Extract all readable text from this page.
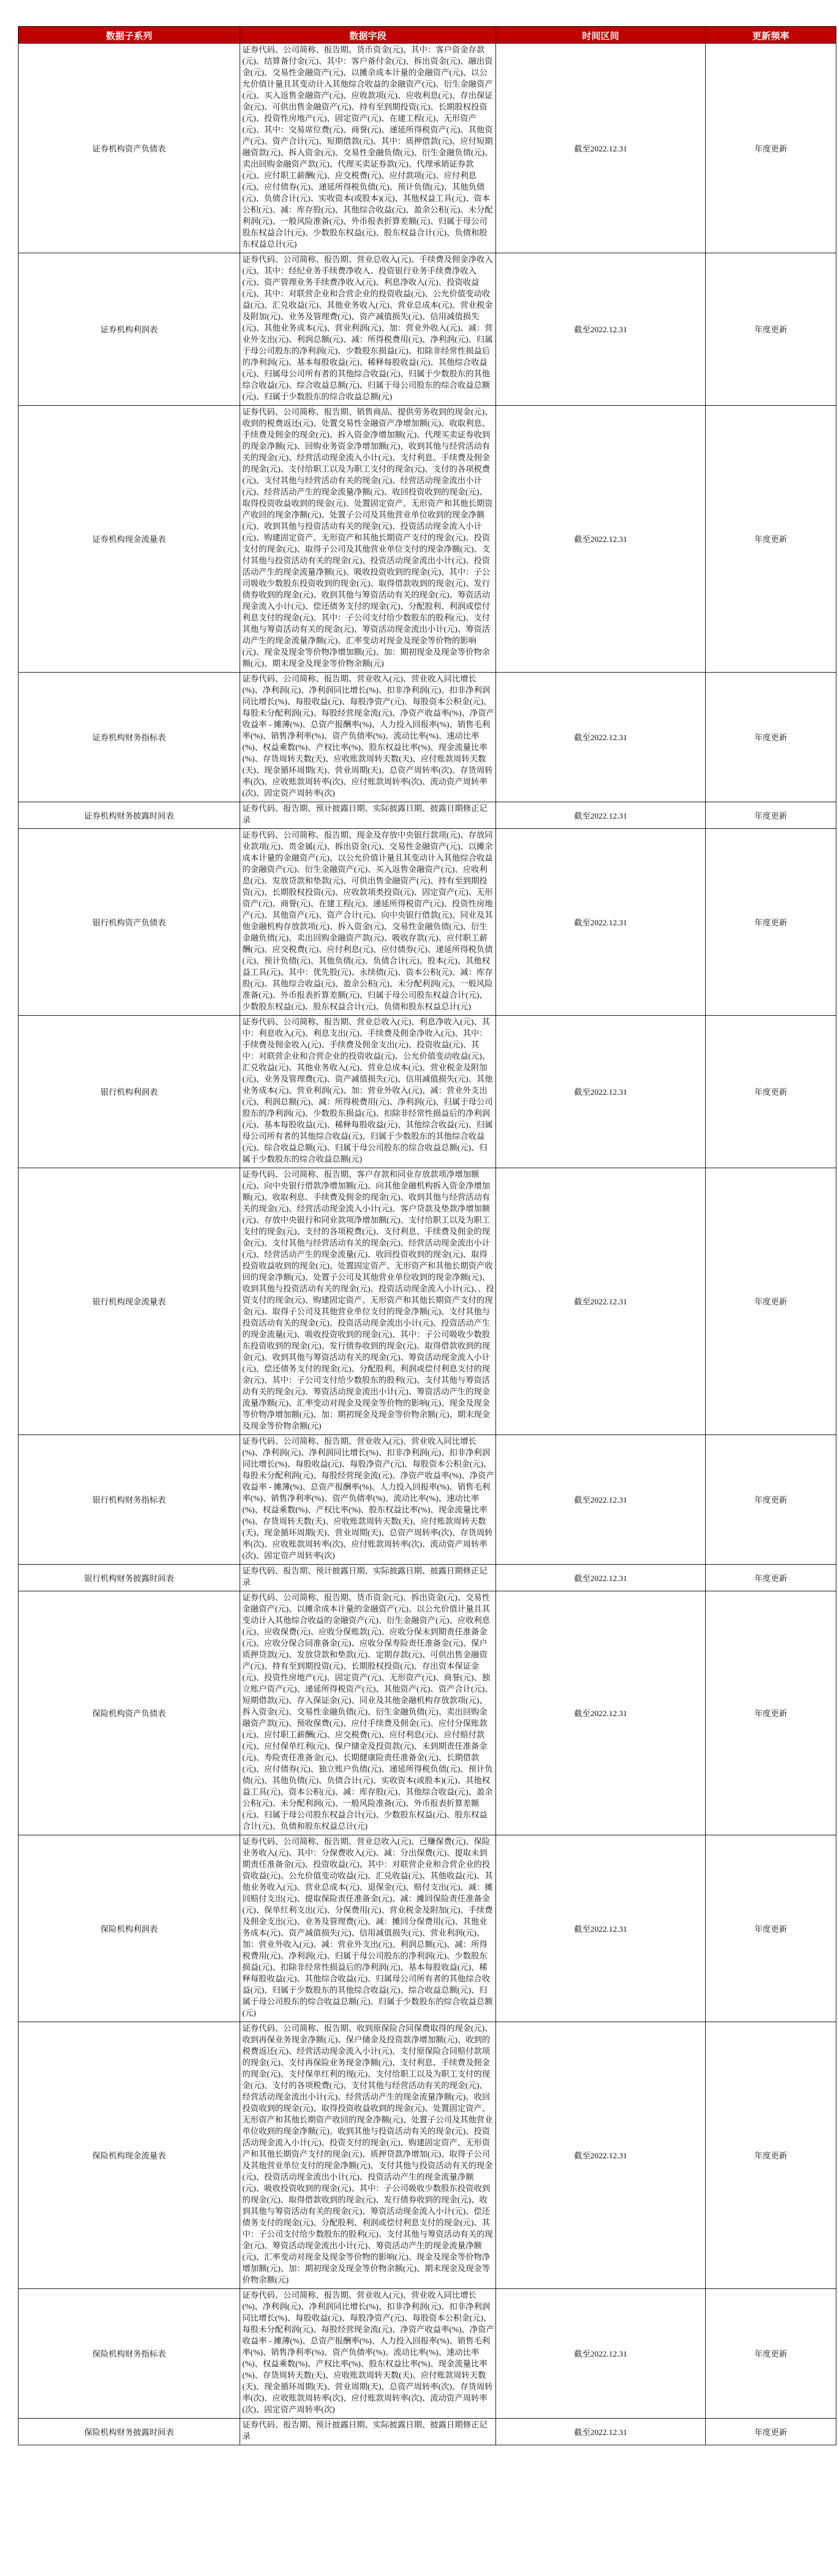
数据子系列	数据字段	时间区间	更新频率
证券机构资产负债表	证券代码、公司简称、报告期、货币资金(元)、其中：客户资金存款(元)、结算备付金(元)、其中：客户备付金(元)、拆出资金(元)、融出资金(元)、交易性金融资产(元)、以摊余成本计量的金融资产(元)、以公允价值计量且其变动计入其他综合收益的金融资产(元)、衍生金融资产(元)、买入返售金融资产(元)、应收款项(元)、应收利息(元)、存出保证金(元)、可供出售金融资产(元)、持有至到期投资(元)、长期股权投资(元)、投资性房地产(元)、固定资产(元)、在建工程(元)、无形资产(元)、其中：交易席位费(元)、商誉(元)、递延所得税资产(元)、其他资产(元)、资产合计(元)、短期借款(元)、其中：质押借款(元)、应付短期融资款(元)、拆入资金(元)、交易性金融负债(元)、衍生金融负债(元)、卖出回购金融资产款(元)、代理买卖证券款(元)、代理承销证券款(元)、应付职工薪酬(元)、应交税费(元)、应付款项(元)、应付利息(元)、应付债券(元)、递延所得税负债(元)、预计负债(元)、其他负债(元)、负债合计(元)、实收资本(或股本)(元)、其他权益工具(元)、资本公积(元)、减：库存股(元)、其他综合收益(元)、盈余公积(元)、未分配利润(元)、一般风险准备(元)、外币报表折算差额(元)、归属于母公司股东权益合计(元)、少数股东权益(元)、股东权益合计(元)、负债和股东权益总计(元)	截至2022.12.31	年度更新
证券机构利润表	证券代码、公司简称、报告期、营业总收入(元)、手续费及佣金净收入(元)、其中：经纪业务手续费净收入、投资银行业务手续费净收入(元)、资产管理业务手续费净收入(元)、利息净收入(元)、投资收益(元)、其中：对联营企业和合营企业的投资收益(元)、公允价值变动收益(元)、汇兑收益(元)、其他业务收入(元)、营业总成本(元)、营业税金及附加(元)、业务及管理费(元)、资产减值损失(元)、信用减值损失(元)、其他业务成本(元)、营业利润(元)、加：营业外收入(元)、减：营业外支出(元)、利润总额(元)、减：所得税费用(元)、净利润(元)、归属于母公司股东的净利润(元)、少数股东损益(元)、扣除非经常性损益后的净利润(元)、基本每股收益(元)、稀释每股收益(元)、其他综合收益(元)、归属母公司所有者的其他综合收益(元)、归属于少数股东的其他综合收益(元)、综合收益总额(元)、归属于母公司股东的综合收益总额(元)、归属于少数股东的综合收益总额(元)	截至2022.12.31	年度更新
证券机构现金流量表	证券代码、公司简称、报告期、销售商品、提供劳务收到的现金(元)、收到的税费返还(元)、处置交易性金融资产净增加额(元)、收取利息、手续费及佣金的现金(元)、拆入资金净增加额(元)、代理买卖证券收到的现金净额(元)、回购业务资金净增加额(元)、收到其他与经营活动有关的现金(元)、经营活动现金流入小计(元)、支付利息、手续费及佣金的现金(元)、支付给职工以及为职工支付的现金(元)、支付的各项税费(元)、支付其他与经营活动有关的现金(元)、经营活动现金流出小计(元)、经营活动产生的现金流量净额(元)、收回投资收到的现金(元)、取得投资收益收到的现金(元)、处置固定资产、无形资产和其他长期资产收回的现金净额(元)、处置子公司及其他营业单位收到的现金净额(元)、收到其他与投资活动有关的现金(元)、投资活动现金流入小计(元)、购建固定资产、无形资产和其他长期资产支付的现金(元)、投资支付的现金(元)、取得子公司及其他营业单位支付的现金净额(元)、支付其他与投资活动有关的现金(元)、投资活动现金流出小计(元)、投资活动产生的现金流量净额(元)、吸收投资收到的现金(元)、其中：子公司吸收少数股东投资收到的现金(元)、取得借款收到的现金(元)、发行债券收到的现金(元)、收到其他与筹资活动有关的现金(元)、筹资活动现金流入小计(元)、偿还债务支付的现金(元)、分配股利、利润或偿付利息支付的现金(元)、其中：子公司支付给少数股东的股利(元)、支付其他与筹资活动有关的现金(元)、筹资活动现金流出小计(元)、筹资活动产生的现金流量净额(元)、汇率变动对现金及现金等价物的影响(元)、现金及现金等价物净增加额(元)、加：期初现金及现金等价物余额(元)、期末现金及现金等价物余额(元)	截至2022.12.31	年度更新
证券机构财务指标表	证券代码、公司简称、报告期、营业收入(元)、营业收入同比增长(%)、净利润(元)、净利润同比增长(%)、扣非净利润(元)、扣非净利润同比增长(%)、每股收益(元)、每股净资产(元)、每股资本公积金(元)、每股未分配利润(元)、每股经营现金流(元)、净资产收益率(%)、净资产收益率 - 摊薄(%)、总资产报酬率(%)、人力投入回报率(%)、销售毛利率(%)、销售净利率(%)、资产负债率(%)、流动比率(%)、速动比率(%)、权益乘数(%)、产权比率(%)、股东权益比率(%)、现金流量比率(%)、存货周转天数(天)、应收账款周转天数(天)、应付账款周转天数(天)、现金循环周期(天)、营业周期(天)、总资产周转率(次)、存货周转率(次)、应收账款周转率(次)、应付账款周转率(次)、流动资产周转率(次)、固定资产周转率(次)	截至2022.12.31	年度更新
证券机构财务披露时间表	证券代码、报告期、预计披露日期、实际披露日期、披露日期修正记录	截至2022.12.31	年度更新
银行机构资产负债表	证券代码、公司简称、报告期、现金及存放中央银行款项(元)、存放同业款项(元)、贵金属(元)、拆出资金(元)、交易性金融资产(元)、以摊余成本计量的金融资产(元)、以公允价值计量且其变动计入其他综合收益的金融资产(元)、衍生金融资产(元)、买入返售金融资产(元)、应收利息(元)、发放贷款和垫款(元)、可供出售金融资产(元)、持有至到期投资(元)、长期股权投资(元)、应收款项类投资(元)、固定资产(元)、无形资产(元)、商誉(元)、在建工程(元)、递延所得税资产(元)、投资性房地产(元)、其他资产(元)、资产合计(元)、向中央银行借款(元)、同业及其他金融机构存放款项(元)、拆入资金(元)、交易性金融负债(元)、衍生金融负债(元)、卖出回购金融资产款(元)、吸收存款(元)、应付职工薪酬(元)、应交税费(元)、应付利息(元)、应付债券(元)、递延所得税负债(元)、预计负债(元)、其他负债(元)、负债合计(元)、股本(元)、其他权益工具(元)、其中：优先股(元)、永续债(元)、资本公积(元)、减：库存股(元)、其他综合收益(元)、盈余公积(元)、未分配利润(元)、一般风险准备(元)、外币报表折算差额(元)、归属于母公司股东权益合计(元)、少数股东权益(元)、股东权益合计(元)、负债和股东权益总计(元)	截至2022.12.31	年度更新
银行机构利润表	证券代码、公司简称、报告期、营业总收入(元)、利息净收入(元)、其中：利息收入(元)、利息支出(元)、手续费及佣金净收入(元)、其中：手续费及佣金收入(元)、手续费及佣金支出(元)、投资收益(元)、其中：对联营企业和合营企业的投资收益(元)、公允价值变动收益(元)、汇兑收益(元)、其他业务收入(元)、营业总成本(元)、营业税金及附加(元)、业务及管理费(元)、资产减值损失(元)、信用减值损失(元)、其他业务成本(元)、营业利润(元)、加：营业外收入(元)、减：营业外支出(元)、利润总额(元)、减：所得税费用(元)、净利润(元)、归属于母公司股东的净利润(元)、少数股东损益(元)、扣除非经常性损益后的净利润(元)、基本每股收益(元)、稀释每股收益(元)、其他综合收益(元)、归属母公司所有者的其他综合收益(元)、归属于少数股东的其他综合收益(元)、综合收益总额(元)、归属于母公司股东的综合收益总额(元)、归属于少数股东的综合收益总额(元)	截至2022.12.31	年度更新
银行机构现金流量表	证券代码、公司简称、报告期、客户存款和同业存放款项净增加额(元)、向中央银行借款净增加额(元)、向其他金融机构拆入资金净增加额(元)、收取利息、手续费及佣金的现金(元)、收到其他与经营活动有关的现金(元)、经营活动现金流入小计(元)、客户贷款及垫款净增加额(元)、存放中央银行和同业款项净增加额(元)、支付给职工以及为职工支付的现金(元)、支付的各项税费(元)、支付利息、手续费及佣金的现金(元)、支付其他与经营活动有关的现金(元)、经营活动现金流出小计(元)、经营活动产生的现金流量(元)、收回投资收到的现金(元)、取得投资收益收到的现金(元)、处置固定资产、无形资产和其他长期资产收回的现金净额(元)、处置子公司及其他营业单位收到的现金净额(元)、收到其他与投资活动有关的现金(元)、投资活动现金流入小计(元)、、投资支付的现金(元)、购建固定资产、无形资产和其他长期资产支付的现金(元)、取得子公司及其他营业单位支付的现金净额(元)、支付其他与投资活动有关的现金(元)、投资活动现金流出小计(元)、投资活动产生的现金流量(元)、吸收投资收到的现金(元)、其中：子公司吸收少数股东投资收到的现金(元)、发行债券收到的现金(元)、取得借款收到的现金(元)、收到其他与筹资活动有关的现金(元)、筹资活动现金流入小计(元)、偿还债务支付的现金(元)、分配股利、利润或偿付利息支付的现金(元)、其中：子公司支付给少数股东的股利(元)、支付其他与筹资活动有关的现金(元)、筹资活动现金流出小计(元)、筹资活动产生的现金流量净额(元)、汇率变动对现金及现金等价物的影响(元)、现金及现金等价物净增加额(元)、加：期初现金及现金等价物余额(元)、期末现金及现金等价物余额(元)	截至2022.12.31	年度更新
银行机构财务指标表	证券代码、公司简称、报告期、营业收入(元)、营业收入同比增长(%)、净利润(元)、净利润同比增长(%)、扣非净利润(元)、扣非净利润同比增长(%)、每股收益(元)、每股净资产(元)、每股资本公积金(元)、每股未分配利润(元)、每股经营现金流(元)、净资产收益率(%)、净资产收益率 - 摊薄(%)、总资产报酬率(%)、人力投入回报率(%)、销售毛利率(%)、销售净利率(%)、资产负债率(%)、流动比率(%)、速动比率(%)、权益乘数(%)、产权比率(%)、股东权益比率(%)、现金流量比率(%)、存货周转天数(天)、应收账款周转天数(天)、应付账款周转天数(天)、现金循环周期(天)、营业周期(天)、总资产周转率(次)、存货周转率(次)、应收账款周转率(次)、应付账款周转率(次)、流动资产周转率(次)、固定资产周转率(次)	截至2022.12.31	年度更新
银行机构财务披露时间表	证券代码、报告期、预计披露日期、实际披露日期、披露日期修正记录	截至2022.12.31	年度更新
保险机构资产负债表	证券代码、公司简称、报告期、货币资金(元)、拆出资金(元)、交易性金融资产(元)、以摊余成本计量的金融资产(元)、以公允价值计量且其变动计入其他综合收益的金融资产(元)、衍生金融资产(元)、应收利息(元)、应收保费(元)、应收分保账款(元)、应收分保未到期责任准备金(元)、应收分保合同准备金(元)、应收分保寿险责任准备金(元)、保户质押贷款(元)、发放贷款和垫款(元)、定期存款(元)、可供出售金融资产(元)、持有至到期投资(元)、长期股权投资(元)、存出资本保证金(元)、投资性房地产(元)、固定资产(元)、无形资产(元)、商誉(元)、独立账户资产(元)、递延所得税资产(元)、其他资产(元)、资产合计(元)、短期借款(元)、存入保证金(元)、同业及其他金融机构存放款项(元)、拆入资金(元)、交易性金融负债(元)、衍生金融负债(元)、卖出回购金融资产款(元)、预收保费(元)、应付手续费及佣金(元)、应付分保账款(元)、应付职工薪酬(元)、应交税费(元)、应付利息(元)、应付赔付款(元)、应付保单红利(元)、保户储金及投资款(元)、未到期责任准备金(元)、寿险责任准备金(元)、长期健康险责任准备金(元)、长期借款(元)、应付债券(元)、独立账户负债(元)、递延所得税负债(元)、预计负债(元)、其他负债(元)、负债合计(元)、实收资本(或股本)(元)、其他权益工具(元)、资本公积(元)、减：库存股(元)、其他综合收益(元)、盈余公积(元)、未分配利润(元)、一般风险准备(元)、外币报表折算差额(元)、归属于母公司股东权益合计(元)、少数股东权益(元)、股东权益合计(元)、负债和股东权益总计(元)	截至2022.12.31	年度更新
保险机构利润表	证券代码、公司简称、报告期、营业总收入(元)、已赚保费(元)、保险业务收入(元)、其中：分保费收入(元)、减：分出保费(元)、提取未到期责任准备金(元)、投资收益(元)、其中：对联营企业和合营企业的投资收益(元)、公允价值变动收益(元)、汇兑收益(元)、其他收益(元)、其他业务收入(元)、营业总成本(元)、退保金(元)、赔付支出(元)、减：摊回赔付支出(元)、提取保险责任准备金(元)、减：摊回保险责任准备金(元)、保单红利支出(元)、分保费用(元)、营业税金及附加(元)、手续费及佣金支出(元)、业务及管理费(元)、减：摊回分保费用(元)、其他业务成本(元)、资产减值损失(元)、信用减值损失(元)、营业利润(元)、加：营业外收入(元)、减：营业外支出(元)、利润总额(元)、减：所得税费用(元)、净利润(元)、归属于母公司股东的净利润(元)、少数股东损益(元)、扣除非经常性损益后的净利润(元)、基本每股收益(元)、稀释每股收益(元)、其他综合收益(元)、归属母公司所有者的其他综合收益(元)、归属于少数股东的其他综合收益(元)、综合收益总额(元)、归属于母公司股东的综合收益总额(元)、归属于少数股东的综合收益总额(元)	截至2022.12.31	年度更新
保险机构现金流量表	证券代码、公司简称、报告期、收到原保险合同保费取得的现金(元)、收到再保业务现金净额(元)、保户储金及投资款净增加额(元)、收到的税费返还(元)、经营活动现金流入小计(元)、支付原保险合同赔付款项的现金(元)、支付再保险业务现金净额(元)、支付利息、手续费及佣金的现金(元)、支付保单红利的现(元)、支付给职工以及为职工支付的现金(元)、支付的各项税费(元)、支付其他与经营活动有关的现金(元)、经营活动现金流出小计(元)、经营活动产生的现金流量净额(元)、收回投资收到的现金(元)、取得投资收益收到的现金(元)、处置固定资产、无形资产和其他长期资产收回的现金净额(元)、处置子公司及其他营业单位收到的现金净额(元)、收到其他与投资活动有关的现金(元)、投资活动现金流入小计(元)、投资支付的现金(元)、购建固定资产、无形资产和其他长期资产支付的现金(元)、质押贷款净增加(元)、取得子公司及其他营业单位支付的现金净额(元)、支付其他与投资活动有关的现金(元)、投资活动现金流出小计(元)、投资活动产生的现金流量净额(元)、吸收投资收到的现金(元)、其中：子公司吸收少数股东投资收到的现金(元)、取得借款收到的现金(元)、发行债券收到的现金(元)、收到其他与筹资活动有关的现金(元)、筹资活动现金流入小计(元)、偿还债务支付的现金(元)、分配股利、利润或偿付利息支付的现金(元)、其中：子公司支付给少数股东的股利(元)、支付其他与筹资活动有关的现金(元)、筹资活动现金流出小计(元)、筹资活动产生的现金流量净额(元)、汇率变动对现金及现金等价物的影响(元)、现金及现金等价物净增加额(元)、加：期初现金及现金等价物余额(元)、期末现金及现金等价物余额(元)	截至2022.12.31	年度更新
保险机构财务指标表	证券代码、公司简称、报告期、营业收入(元)、营业收入同比增长(%)、净利润(元)、净利润同比增长(%)、扣非净利润(元)、扣非净利润同比增长(%)、每股收益(元)、每股净资产(元)、每股资本公积金(元)、每股未分配利润(元)、每股经营现金流(元)、净资产收益率(%)、净资产收益率 - 摊薄(%)、总资产报酬率(%)、人力投入回报率(%)、销售毛利率(%)、销售净利率(%)、资产负债率(%)、流动比率(%)、速动比率(%)、权益乘数(%)、产权比率(%)、股东权益比率(%)、现金流量比率(%)、存货周转天数(天)、应收账款周转天数(天)、应付账款周转天数(天)、现金循环周期(天)、营业周期(天)、总资产周转率(次)、存货周转率(次)、应收账款周转率(次)、应付账款周转率(次)、流动资产周转率(次)、固定资产周转率(次)	截至2022.12.31	年度更新
保险机构财务披露时间表	证券代码、报告期、预计披露日期、实际披露日期、披露日期修正记录	截至2022.12.31	年度更新
